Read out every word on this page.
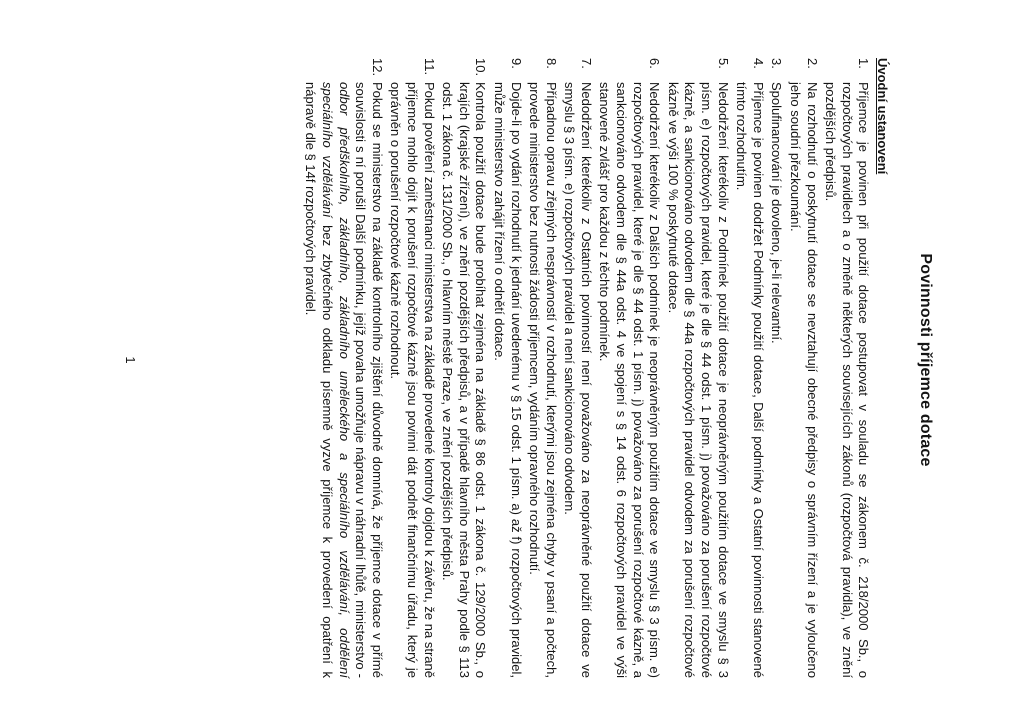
Povinnosti příjemce dotace
Úvodní ustanovení
1.
Příjemce je povinen při použití dotace postupovat v souladu se zákonem č. 218/2000 Sb., o rozpočtových pravidlech a o změně některých souvisejících zákonů (rozpočtová pravidla), ve znění pozdějších předpisů.
2.
Na rozhodnutí o poskytnutí dotace se nevztahují obecné předpisy o správním řízení a je vyloučeno jeho soudní přezkoumání.
3.
Spolufinancování je dovoleno, je-li relevantní.
4.
Příjemce je povinen dodržet Podmínky použití dotace, Další podmínky a Ostatní povinnosti stanovené tímto rozhodnutím.
5.
Nedodržení kterékoliv z Podmínek použití dotace je neoprávněným použitím dotace ve smyslu § 3 písm. e) rozpočtových pravidel, které je dle § 44 odst. 1 písm. j) považováno za porušení rozpočtové kázně, a sankcionováno odvodem dle § 44a rozpočtových pravidel odvodem za porušení rozpočtové kázně ve výši 100 % poskytnuté dotace.
6.
Nedodržení kterékoliv z Dalších podmínek je neoprávněným použitím dotace ve smyslu § 3 písm. e) rozpočtových pravidel, které je dle § 44 odst. 1 písm. j) považováno za porušení rozpočtové kázně, a sankcionováno odvodem dle § 44a odst. 4 ve spojení s § 14 odst. 6 rozpočtových pravidel ve výši stanovené zvlášť pro každou z těchto podmínek.
7.
Nedodržení kterékoliv z Ostatních povinností není považováno za neoprávněné použití dotace ve smyslu § 3 písm. e) rozpočtových pravidel a není sankcionováno odvodem.
8.
Případnou opravu zřejmých nesprávností v rozhodnutí, kterými jsou zejména chyby v psaní a počtech, provede ministerstvo bez nutnosti žádosti příjemcem, vydáním opravného rozhodnutí.
9.
Dojde-li po vydání rozhodnutí k jednání uvedenému v § 15 odst. 1 písm. a) až f) rozpočtových pravidel, může ministerstvo zahájit řízení o odnětí dotace.
10.
Kontrola použití dotace bude probíhat zejména na základě § 86 odst. 1 zákona č. 129/2000 Sb., o krajích (krajské zřízení), ve znění pozdějších předpisů, a v případě hlavního města Prahy podle § 113 odst. 1 zákona č. 131/2000 Sb., o hlavním městě Praze, ve znění pozdějších předpisů.
11.
Pokud pověření zaměstnanci ministerstva na základě provedené kontroly dojdou k závěru, že na straně příjemce mohlo dojít k porušení rozpočtové kázně jsou povinni dát podnět finančnímu úřadu, který je oprávněn o porušení rozpočtové kázně rozhodnout.
12.
Pokud se ministerstvo na základě kontrolního zjištění důvodně domnívá, že příjemce dotace v přímé souvislosti s ní porušil Další podmínku, jejíž povaha umožňuje nápravu v náhradní lhůtě, ministerstvo - odbor předškolního, základního, základního uměleckého a speciálního vzdělávání, oddělení speciálního vzdělávání bez zbytečného odkladu písemně vyzve příjemce k provedení opatření k nápravě dle § 14f rozpočtových pravidel.
1
